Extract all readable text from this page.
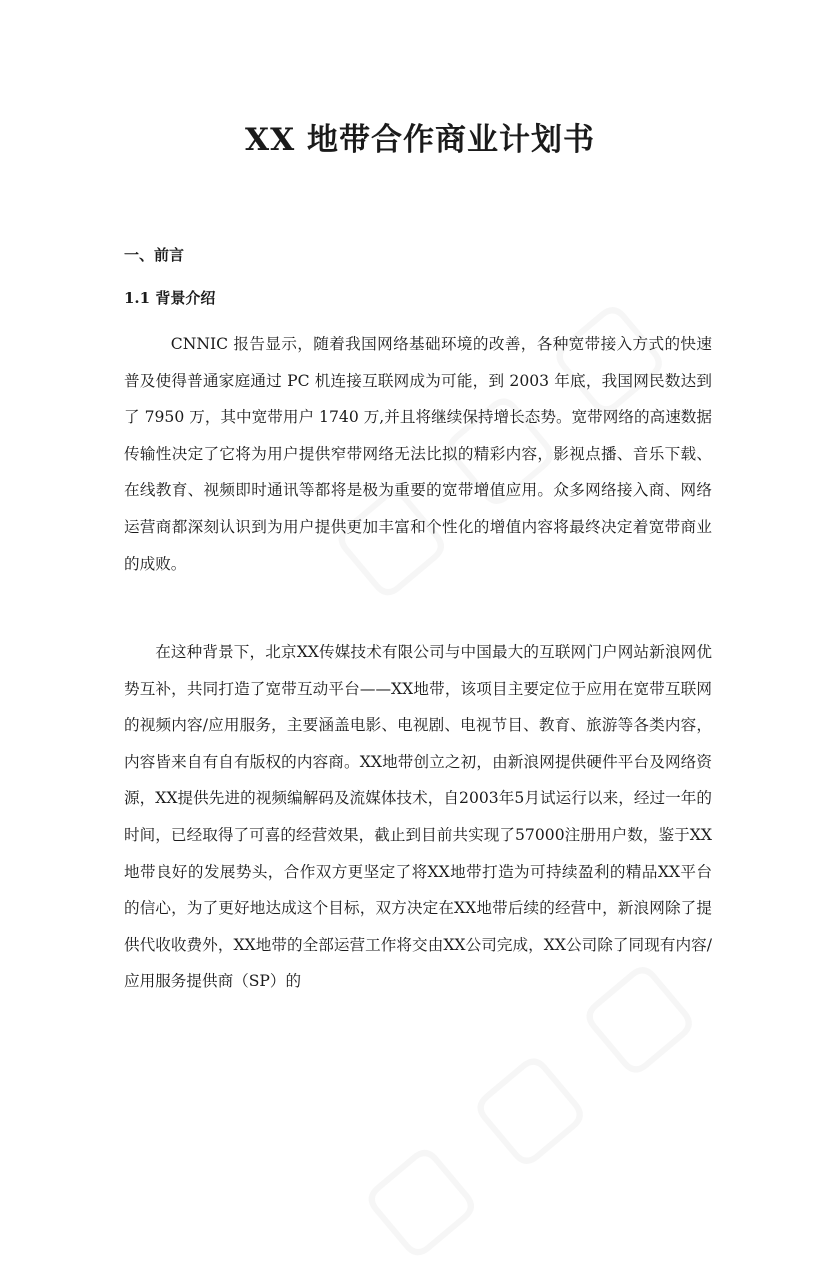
XX 地带合作商业计划书
一、前言
1.1 背景介绍

CNNIC 报告显示，随着我国网络基础环境的改善，各种宽带接入方式的快速普及使得普通家庭通过 PC 机连接互联网成为可能，到 2003 年底，我国网民数达到了 7950 万，其中宽带用户 1740 万,并且将继续保持增长态势。宽带网络的高速数据传输性决定了它将为用户提供窄带网络无法比拟的精彩内容，影视点播、音乐下载、在线教育、视频即时通讯等都将是极为重要的宽带增值应用。众多网络接入商、网络运营商都深刻认识到为用户提供更加丰富和个性化的增值内容将最终决定着宽带商业的成败。

在这种背景下，北京XX传媒技术有限公司与中国最大的互联网门户网站新浪网优势互补，共同打造了宽带互动平台——XX地带，该项目主要定位于应用在宽带互联网的视频内容/应用服务，主要涵盖电影、电视剧、电视节目、教育、旅游等各类内容，内容皆来自有自有版权的内容商。XX地带创立之初，由新浪网提供硬件平台及网络资源，XX提供先进的视频编解码及流媒体技术，自2003年5月试运行以来，经过一年的时间，已经取得了可喜的经营效果，截止到目前共实现了57000注册用户数，鉴于XX地带良好的发展势头，合作双方更坚定了将XX地带打造为可持续盈利的精品XX平台的信心，为了更好地达成这个目标，双方决定在XX地带后续的经营中，新浪网除了提供代收收费外，XX地带的全部运营工作将交由XX公司完成，XX公司除了同现有内容/应用服务提供商（SP）的
